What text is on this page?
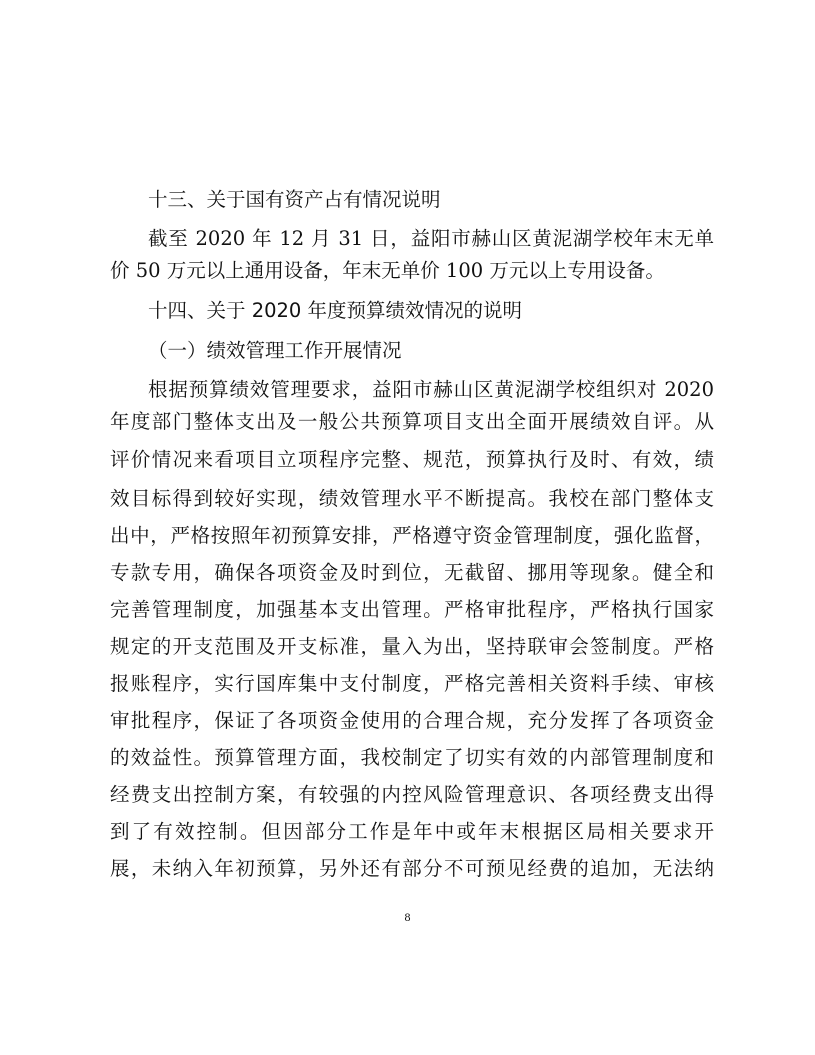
十三、关于国有资产占有情况说明
截至 2020 年 12 月 31 日，益阳市赫山区黄泥湖学校年末无单
价 50 万元以上通用设备，年末无单价 100 万元以上专用设备。
十四、关于 2020 年度预算绩效情况的说明
（一）绩效管理工作开展情况
根据预算绩效管理要求，益阳市赫山区黄泥湖学校组织对 2020
年度部门整体支出及一般公共预算项目支出全面开展绩效自评。从
评价情况来看项目立项程序完整、规范，预算执行及时、有效，绩
效目标得到较好实现，绩效管理水平不断提高。我校在部门整体支
出中，严格按照年初预算安排，严格遵守资金管理制度，强化监督，
专款专用，确保各项资金及时到位，无截留、挪用等现象。健全和
完善管理制度，加强基本支出管理。严格审批程序，严格执行国家
规定的开支范围及开支标准，量入为出，坚持联审会签制度。严格
报账程序，实行国库集中支付制度，严格完善相关资料手续、审核
审批程序，保证了各项资金使用的合理合规，充分发挥了各项资金
的效益性。预算管理方面，我校制定了切实有效的内部管理制度和
经费支出控制方案，有较强的内控风险管理意识、各项经费支出得
到了有效控制。但因部分工作是年中或年末根据区局相关要求开
展，未纳入年初预算，另外还有部分不可预见经费的追加，无法纳
8
